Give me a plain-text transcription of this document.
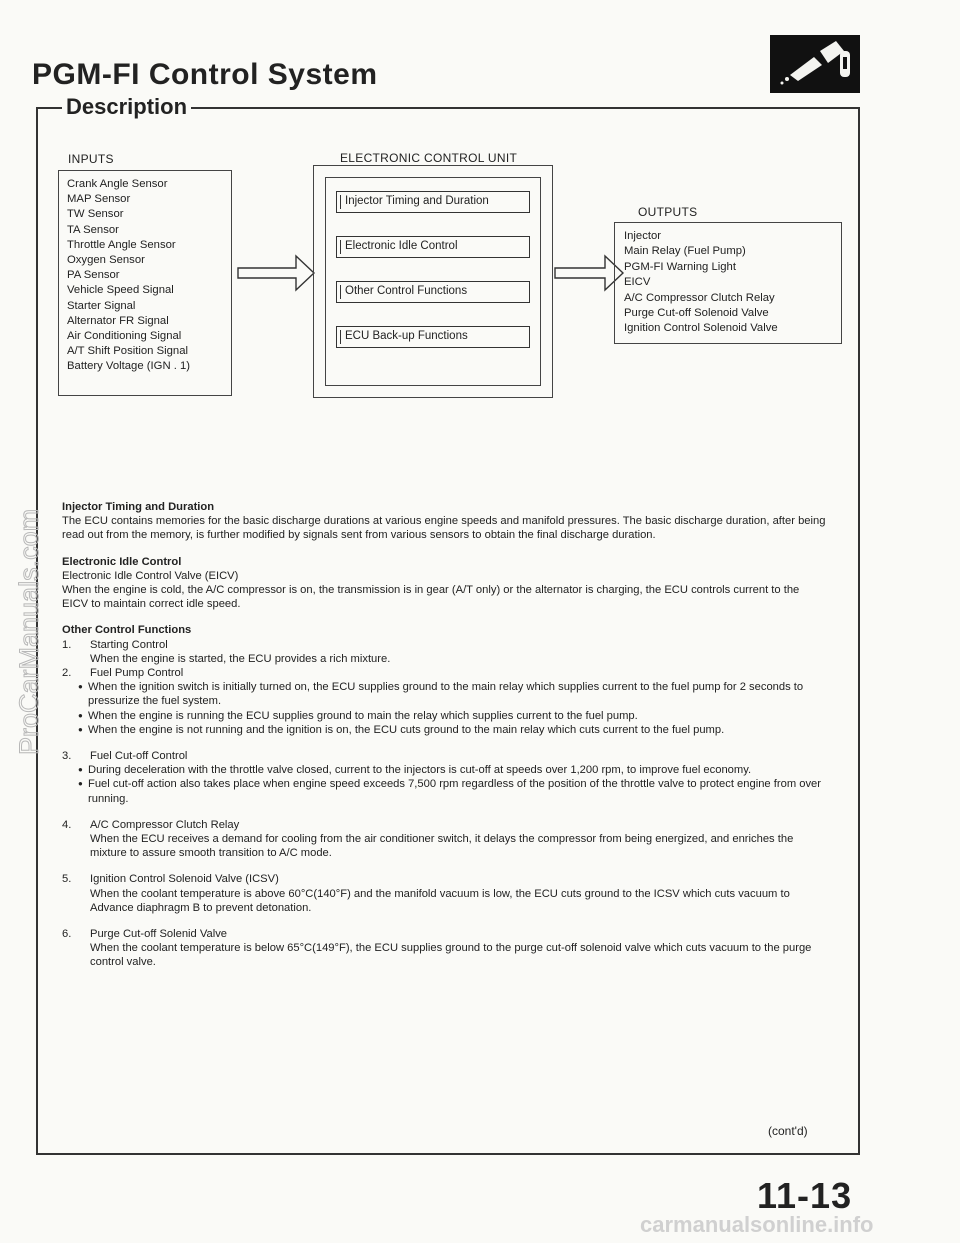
PGM-FI Control System
Description
INPUTS
Crank Angle Sensor
MAP Sensor
TW Sensor
TA Sensor
Throttle Angle Sensor
Oxygen Sensor
PA Sensor
Vehicle Speed Signal
Starter Signal
Alternator FR Signal
Air Conditioning Signal
A/T Shift Position Signal
Battery Voltage (IGN . 1)
ELECTRONIC CONTROL UNIT
Injector Timing and Duration
Electronic Idle Control
Other Control Functions
ECU Back-up Functions
OUTPUTS
Injector
Main Relay (Fuel Pump)
PGM-FI Warning Light
EICV
A/C Compressor Clutch Relay
Purge Cut-off Solenoid Valve
Ignition Control Solenoid Valve
Injector Timing and Duration

The ECU contains memories for the basic discharge durations at various engine speeds and manifold pressures. The basic discharge duration, after being read out from the memory, is further modified by signals sent from various sensors to obtain the final discharge duration.

Electronic Idle Control
Electronic Idle Control Valve (EICV)

When the engine is cold, the A/C compressor is on, the transmission is in gear (A/T only) or the alternator is charging, the ECU controls current to the EICV to maintain correct idle speed.

Other Control Functions
1. Starting Control
When the engine is started, the ECU provides a rich mixture.
2. Fuel Pump Control
● When the ignition switch is initially turned on, the ECU supplies ground to the main relay which supplies current to the fuel pump for 2 seconds to pressurize the fuel system.
● When the engine is running the ECU supplies ground to main the relay which supplies current to the fuel pump.
● When the engine is not running and the ignition is on, the ECU cuts ground to the main relay which cuts current to the fuel pump.
3. Fuel Cut-off Control
● During deceleration with the throttle valve closed, current to the injectors is cut-off at speeds over 1,200 rpm, to improve fuel economy.
● Fuel cut-off action also takes place when engine speed exceeds 7,500 rpm regardless of the position of the throttle valve to protect engine from over running.
4. A/C Compressor Clutch Relay
When the ECU receives a demand for cooling from the air conditioner switch, it delays the compressor from being energized, and enriches the mixture to assure smooth transition to A/C mode.
5. Ignition Control Solenoid Valve (ICSV)
When the coolant temperature is above 60°C(140°F) and the manifold vacuum is low, the ECU cuts ground to the ICSV which cuts vacuum to Advance diaphragm B to prevent detonation.
6. Purge Cut-off Solenid Valve
When the coolant temperature is below 65°C(149°F), the ECU supplies ground to the purge cut-off solenoid valve which cuts vacuum to the purge control valve.
(cont'd)
11-13
ProCarManuals.com
carmanualsonline.info
